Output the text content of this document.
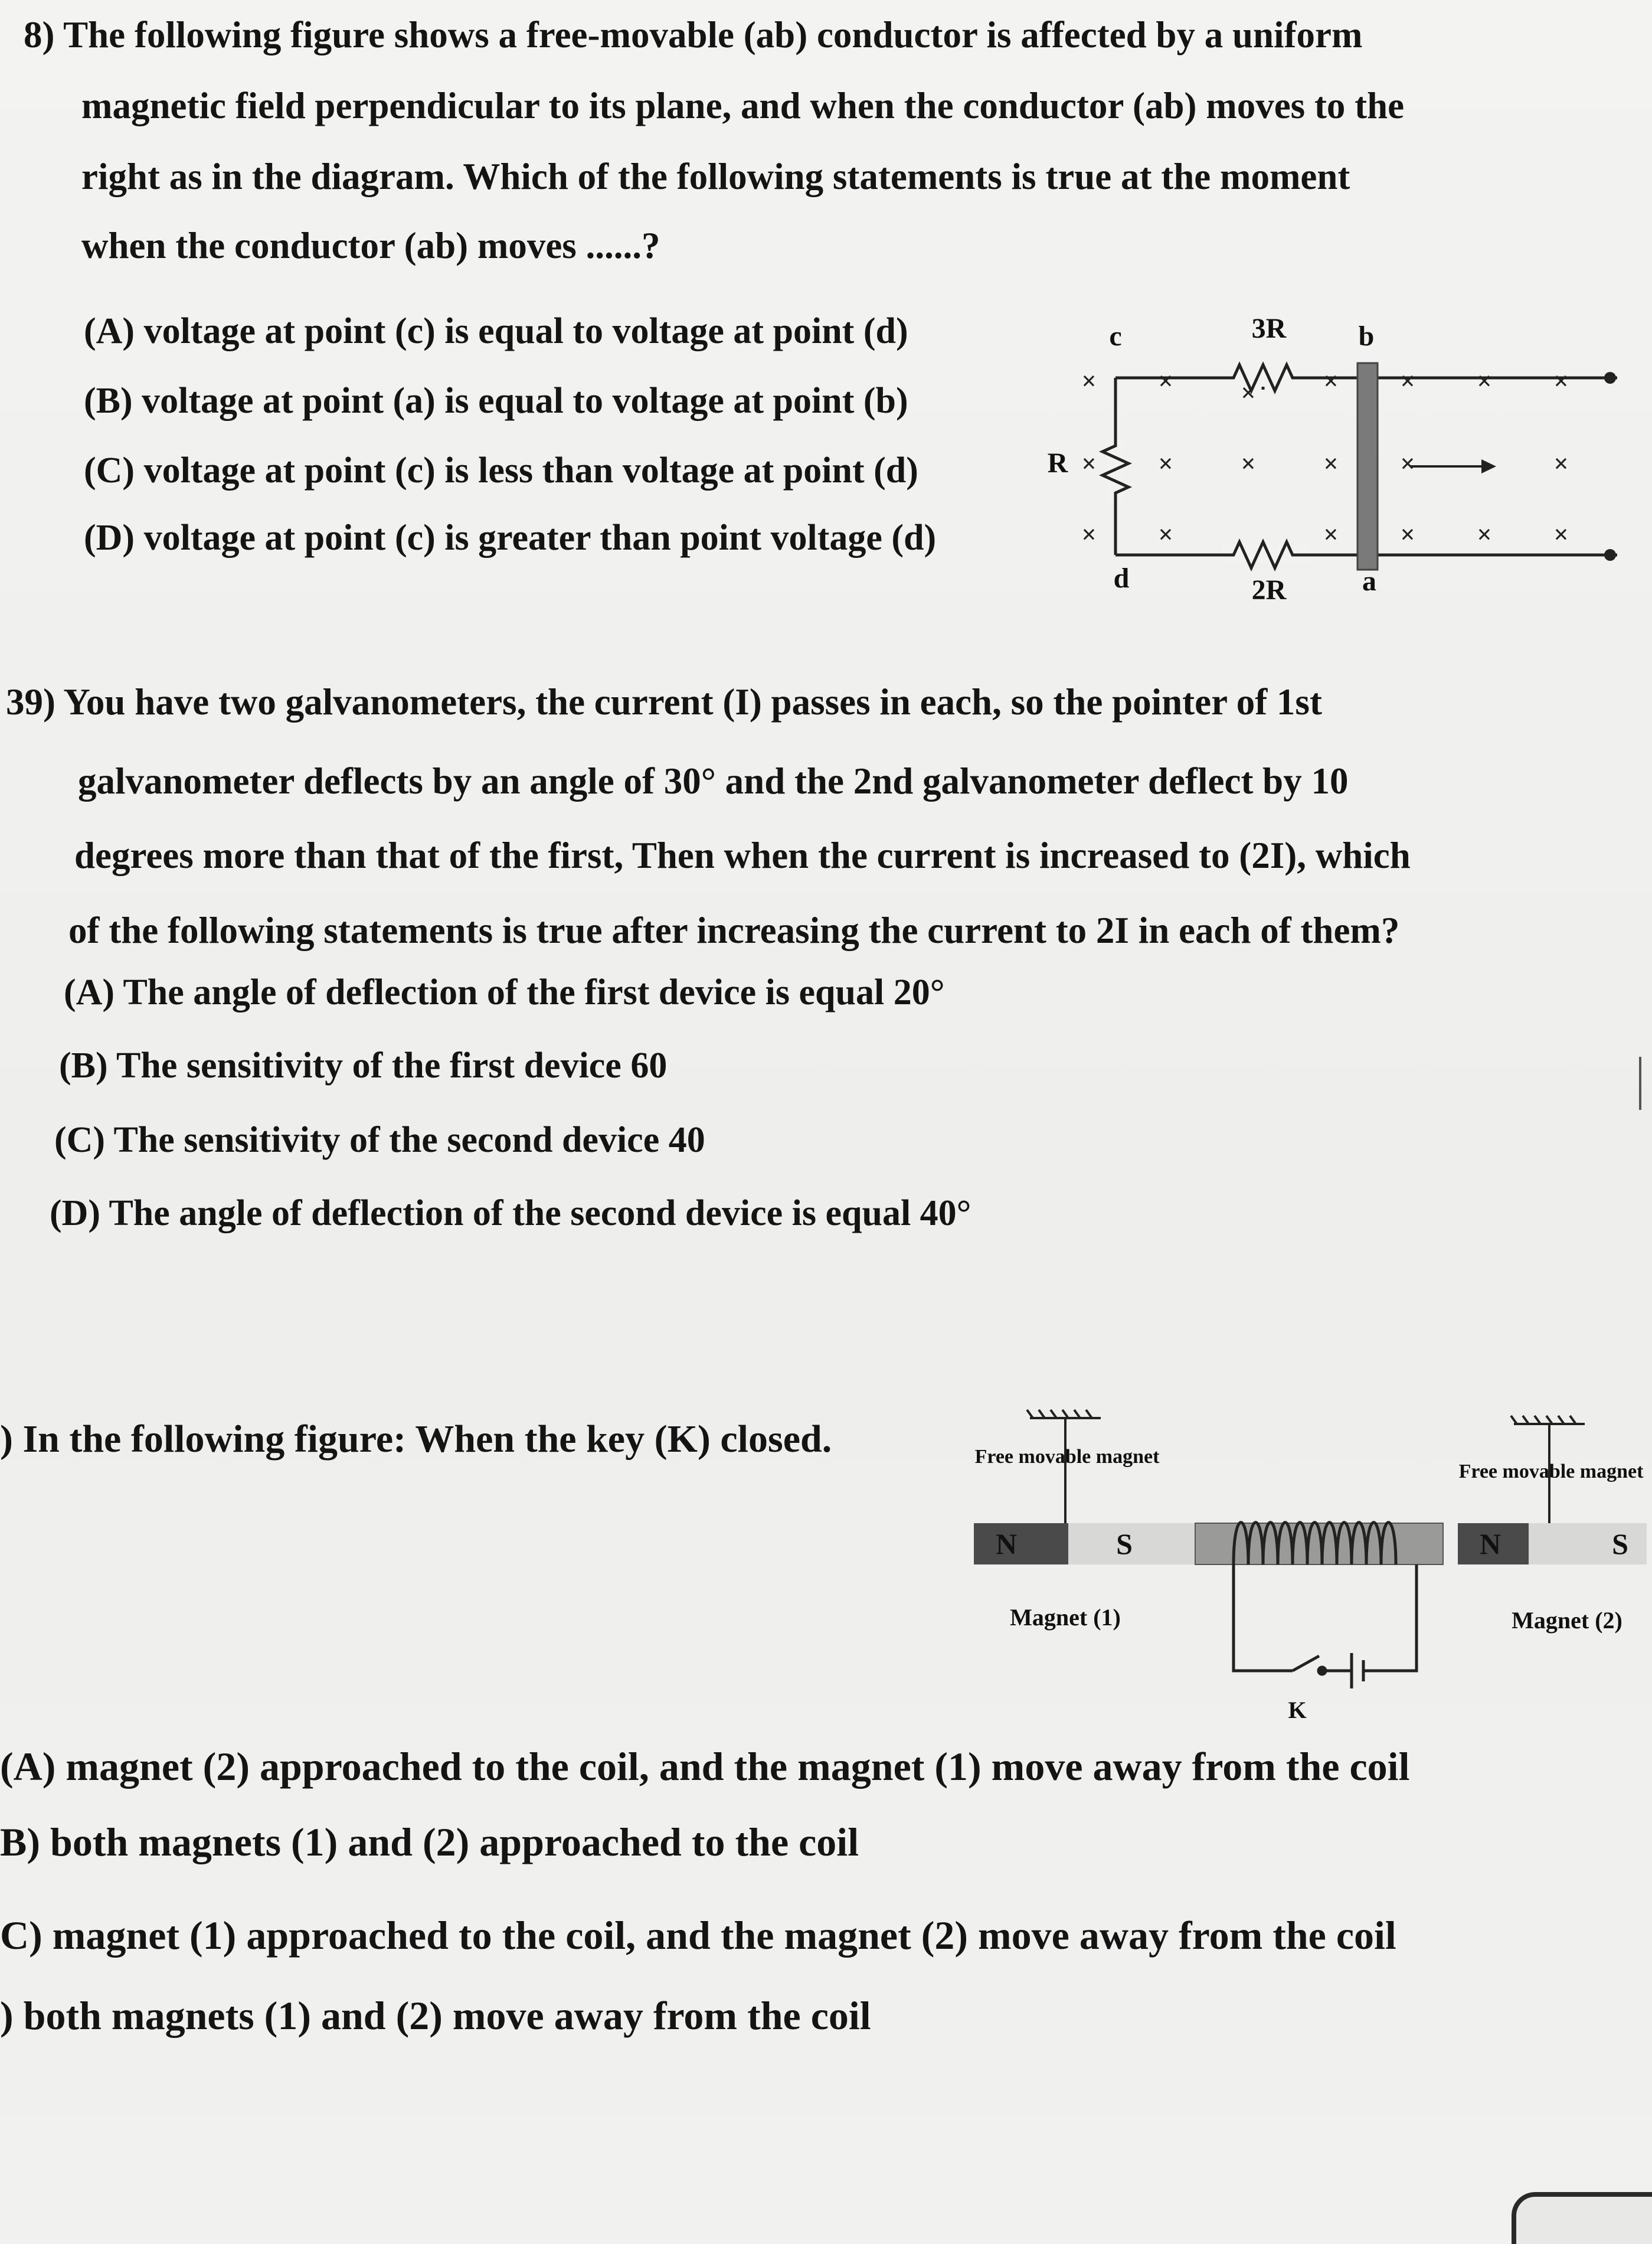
8) The following figure shows a free-movable (ab) conductor is affected by a uniform
magnetic field perpendicular to its plane, and when the conductor (ab) moves to the
right as in the diagram. Which of the following statements is true at the moment
when the conductor (ab) moves ......?
(A) voltage at point (c) is equal to voltage at point (d)
(B) voltage at point (a) is equal to voltage at point (b)
(C) voltage at point (c) is less than voltage at point (d)
(D) voltage at point (c) is greater than point voltage (d)
×
×
×
×
×
×
×
×
×
×
×
×
×
×
×
×
×
×
×
3R
2R
R
c
d	a
b
39) You have two galvanometers, the current (I) passes in each, so the pointer of 1st
galvanometer deflects by an angle of 30° and the 2nd galvanometer deflect by 10
degrees more than that of the first, Then when the current is increased to (2I), which
of the following statements is true after increasing the current to 2I in each of them?
(A) The angle of deflection of the first device is equal 20°
(B) The sensitivity of the first device 60
(C) The sensitivity of the second device 40
(D) The angle of deflection of the second device is equal 40°
) In the following figure: When the key (K) closed.
N	S	N	S
Free movable magnet
Free movable magnet
Magnet (1)	Magnet (2)
K
(A) magnet (2) approached to the coil, and the magnet (1) move away from the coil
B) both magnets (1) and (2) approached to the coil
C) magnet (1) approached to the coil, and the magnet (2) move away from the coil
) both magnets (1) and (2) move away from the coil
